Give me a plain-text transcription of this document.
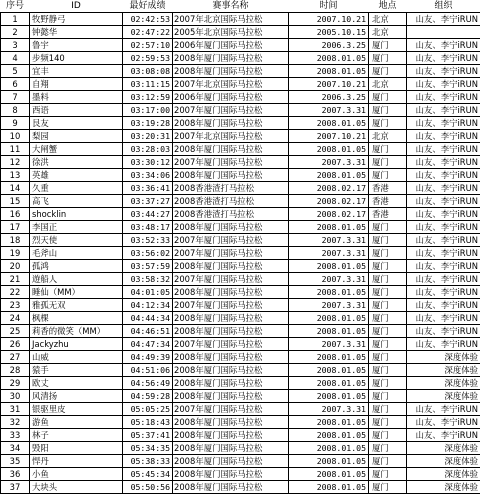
序号	ID	最好成绩	赛事名称	时间	地点	组织
1	牧野静弓	02:42:53	2007年北京国际马拉松	2007.10.21	北京	山友、李宁iRUN
2	钟懿华	02:47:22	2005年北京国际马拉松	2005.10.15	北京	
3	鲁宇	02:57:10	2006年厦门国际马拉松	2006.3.25	厦门	山友、李宁iRUN
4	步频140	02:59:53	2008年厦门国际马拉松	2008.01.05	厦门	山友、李宁iRUN
5	宜丰	03:08:08	2008年厦门国际马拉松	2008.01.05	厦门	山友、李宁iRUN
6	自翔	03:11:15	2007年北京国际马拉松	2007.10.21	北京	山友、李宁iRUN
7	墨料	03:12:59	2006年厦门国际马拉松	2006.3.25	厦门	山友、李宁iRUN
8	西语	03:17:00	2007年厦门国际马拉松	2007.3.31	厦门	山友、李宁iRUN
9	艮友	03:19:28	2008年厦门国际马拉松	2008.01.05	厦门	山友、李宁iRUN
10	梨园	03:20:31	2007年北京国际马拉松	2007.10.21	北京	山友、李宁iRUN
11	大闸蟹	03:28:03	2008年厦门国际马拉松	2008.01.05	厦门	山友、李宁iRUN
12	徐洪	03:30:12	2007年厦门国际马拉松	2007.3.31	厦门	山友、李宁iRUN
13	英雄	03:34:06	2008年厦门国际马拉松	2008.01.05	厦门	山友、李宁iRUN
14	久重	03:36:41	2008香港渣打马拉松	2008.02.17	香港	山友、李宁iRUN
15	高飞	03:37:27	2008香港渣打马拉松	2008.02.17	香港	山友、李宁iRUN
16	shocklin	03:44:27	2008香港渣打马拉松	2008.02.17	香港	山友、李宁iRUN
17	李国正	03:48:17	2008年厦门国际马拉松	2008.01.05	厦门	山友、李宁iRUN
18	烈天使	03:52:33	2007年厦门国际马拉松	2007.3.31	厦门	山友、李宁iRUN
19	毛斧山	03:56:02	2007年厦门国际马拉松	2007.3.31	厦门	山友、李宁iRUN
20	孤鸿	03:57:59	2008年厦门国际马拉松	2008.01.05	厦门	山友、李宁iRUN
21	遊船人	03:58:32	2007年厦门国际马拉松	2007.3.31	厦门	山友、李宁iRUN
22	睡仙（MM）	04:01:05	2008年厦门国际马拉松	2008.01.05	厦门	山友、李宁iRUN
23	雅孤无双	04:12:34	2007年厦门国际马拉松	2007.3.31	厦门	山友、李宁iRUN
24	枫棵	04:44:34	2008年厦门国际马拉松	2008.01.05	厦门	山友、李宁iRUN
25	莉香的微笑（MM）	04:46:51	2008年厦门国际马拉松	2008.01.05	厦门	山友、李宁iRUN
26	Jackyzhu	04:47:34	2007年厦门国际马拉松	2007.3.31	厦门	山友、李宁iRUN
27	山威	04:49:39	2008年厦门国际马拉松	2008.01.05	厦门	深度体验
28	猿手	04:51:06	2008年厦门国际马拉松	2008.01.05	厦门	深度体验
29	欧丈	04:56:49	2008年厦门国际马拉松	2008.01.05	厦门	深度体验
30	风清扬	04:59:28	2008年厦门国际马拉松	2008.01.05	厦门	深度体验
31	银驱里皮	05:05:25	2007年厦门国际马拉松	2007.3.31	厦门	山友、李宁iRUN
32	游鱼	05:18:43	2008年厦门国际马拉松	2008.01.05	厦门	山友、李宁iRUN
33	林子	05:37:41	2008年厦门国际马拉松	2008.01.05	厦门	山友、李宁iRUN
34	毁阳	05:34:35	2008年厦门国际马拉松	2008.01.05	厦门	深度体验
35	悍丹	05:38:33	2008年厦门国际马拉松	2008.01.05	厦门	深度体验
36	小鱼	05:45:34	2008年厦门国际马拉松	2008.01.05	厦门	深度体验
37	大块头	05:50:56	2008年厦门国际马拉松	2008.01.05	厦门	深度体验
